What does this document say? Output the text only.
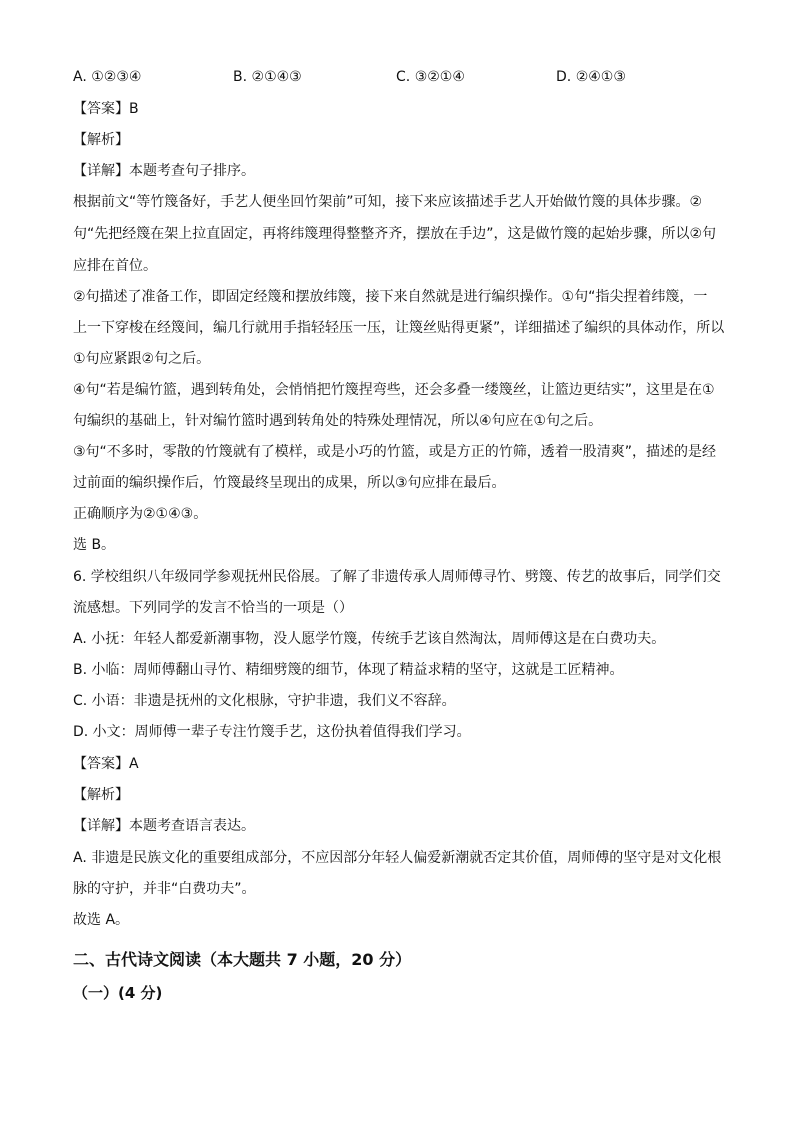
A. ①②③④	B. ②①④③	C. ③②①④	D. ②④①③
【答案】B
【解析】
【详解】本题考查句子排序。
根据前文“等竹篾备好，手艺人便坐回竹架前”可知，接下来应该描述手艺人开始做竹篾的具体步骤。②
句“先把经篾在架上拉直固定，再将纬篾理得整整齐齐，摆放在手边”，这是做竹篾的起始步骤，所以②句
应排在首位。
②句描述了准备工作，即固定经篾和摆放纬篾，接下来自然就是进行编织操作。①句“指尖捏着纬篾，一
上一下穿梭在经篾间，编几行就用手指轻轻压一压，让篾丝贴得更紧”，详细描述了编织的具体动作，所以
①句应紧跟②句之后。
④句“若是编竹篮，遇到转角处，会悄悄把竹篾捏弯些，还会多叠一缕篾丝，让篮边更结实”，这里是在①
句编织的基础上，针对编竹篮时遇到转角处的特殊处理情况，所以④句应在①句之后。
③句“不多时，零散的竹篾就有了模样，或是小巧的竹篮，或是方正的竹筛，透着一股清爽”，描述的是经
过前面的编织操作后，竹篾最终呈现出的成果，所以③句应排在最后。
正确顺序为②①④③。
选 B。
6. 学校组织八年级同学参观抚州民俗展。了解了非遗传承人周师傅寻竹、劈篾、传艺的故事后，同学们交
流感想。下列同学的发言不恰当的一项是（）
A. 小抚：年轻人都爱新潮事物，没人愿学竹篾，传统手艺该自然淘汰，周师傅这是在白费功夫。
B. 小临：周师傅翻山寻竹、精细劈篾的细节，体现了精益求精的坚守，这就是工匠精神。
C. 小语：非遗是抚州的文化根脉，守护非遗，我们义不容辞。
D. 小文：周师傅一辈子专注竹篾手艺，这份执着值得我们学习。
【答案】A
【解析】
【详解】本题考查语言表达。
A. 非遗是民族文化的重要组成部分，不应因部分年轻人偏爱新潮就否定其价值，周师傅的坚守是对文化根
脉的守护，并非“白费功夫”。
故选 A。
二、古代诗文阅读（本大题共 7 小题，20 分）
（一）(4 分)
